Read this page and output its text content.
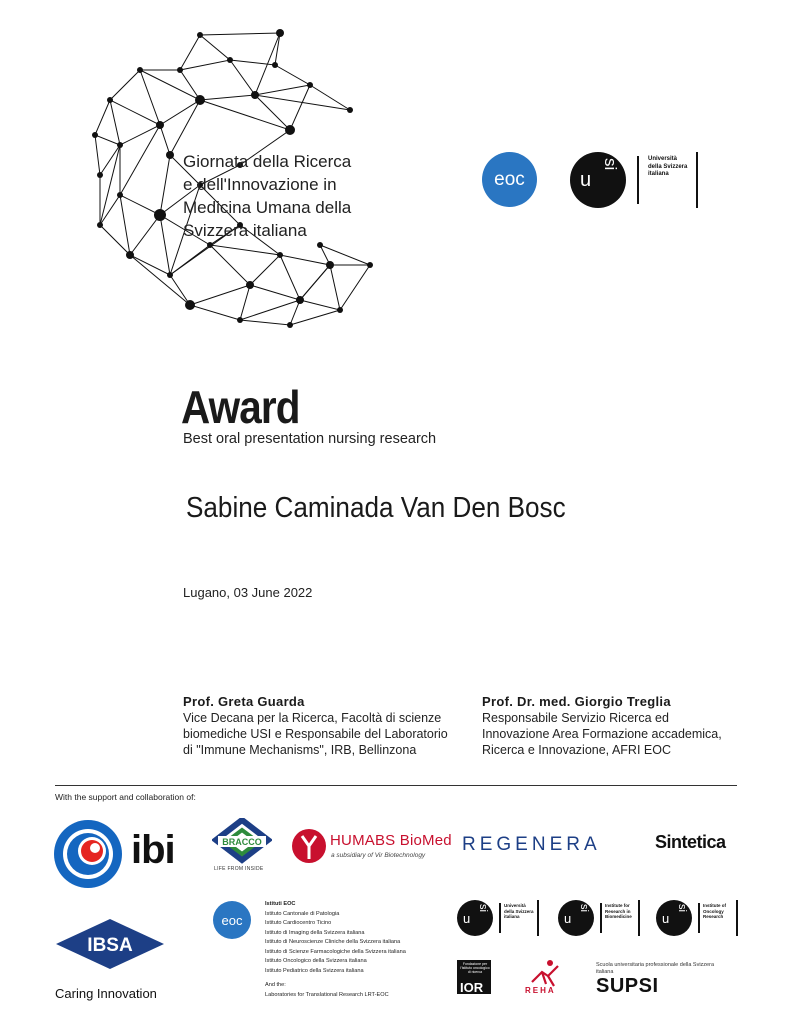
Giornata della Ricerca
e dell'Innovazione in
Medicina Umana della
Svizzera italiana
eoc	u
si	Università della Svizzera italiana
Award
Best oral presentation nursing research
Sabine Caminada Van Den Bosc
Lugano, 03 June 2022
Prof. Greta Guarda
Vice Decana per la Ricerca, Facoltà di scienze
biomediche USI e Responsabile del Laboratorio
di "Immune Mechanisms", IRB, Bellinzona
Prof. Dr. med. Giorgio Treglia
Responsabile Servizio Ricerca ed
Innovazione Area Formazione accademica,
Ricerca e Innovazione, AFRI EOC
With the support and collaboration of:
ibi	BRACCO
LIFE FROM INSIDE
HUMABS BioMed
a subsidiary of Vir Biotechnology
REGENERA	Sintetica
IBSA
Caring Innovation
eoc
Istituti EOC
Istituto Cantonale di Patologia
Istituto Cardiocentro Ticino
Istituto di Imaging della Svizzera italiana
Istituto di Neuroscienze Cliniche della Svizzera italiana
Istituto di Scienze Farmacologiche della Svizzera italiana
Istituto Oncologico della Svizzera italiana
Istituto Pediatrico della Svizzera italiana
And the:
Laboratories for Translational Research LRT-EOC
u
si	Università della Svizzera italiana	u
si	Institute for Research in Biomedicine	u
si	Institute of Oncology Research
Fondazione per l'Istituto oncologico di ricerca
IOR	REHA
Scuola universitaria professionale della Svizzera italiana
SUPSI
